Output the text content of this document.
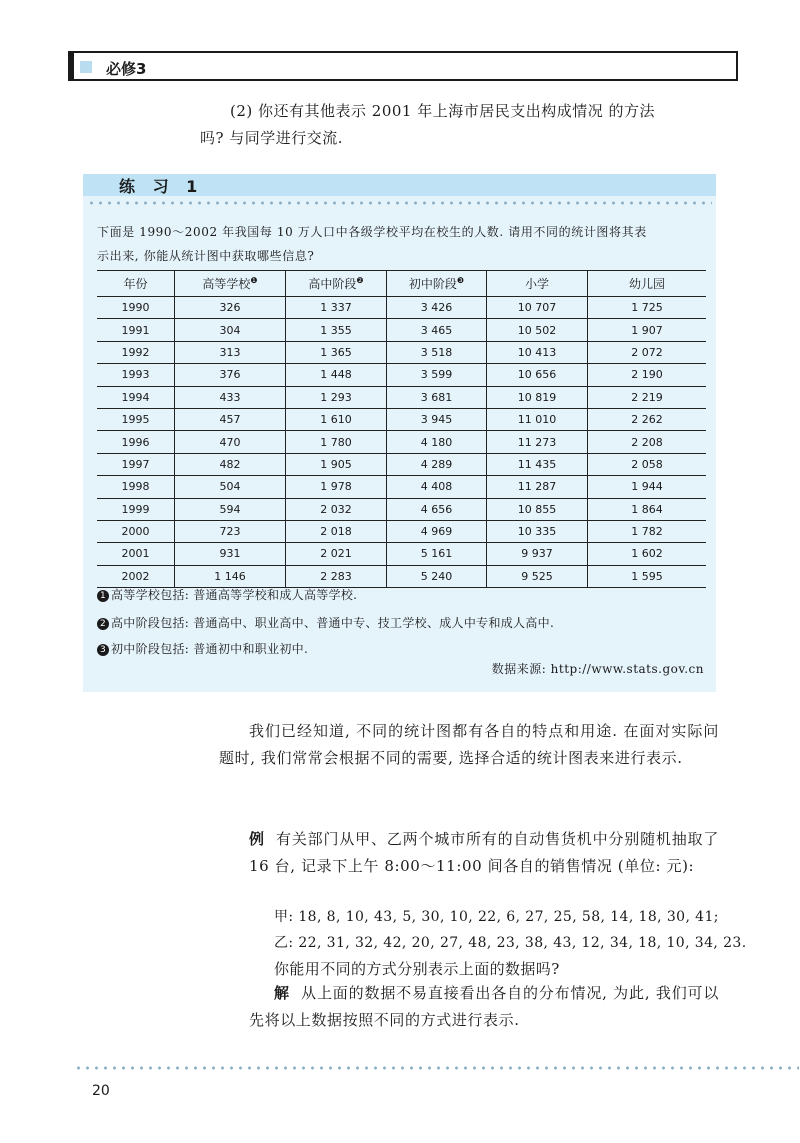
必修3
(2) 你还有其他表示 2001 年上海市居民支出构成情况 的方法
吗? 与同学进行交流.
练 习 1
下面是 1990～2002 年我国每 10 万人口中各级学校平均在校生的人数. 请用不同的统计图将其表
示出来, 你能从统计图中获取哪些信息?
年份	高等学校$^❶$	高中阶段$^❷$	初中阶段$^❸$	小学	幼儿园
1990	326	1 337	3 426	10 707	1 725
1991	304	1 355	3 465	10 502	1 907
1992	313	1 365	3 518	10 413	2 072
1993	376	1 448	3 599	10 656	2 190
1994	433	1 293	3 681	10 819	2 219
1995	457	1 610	3 945	11 010	2 262
1996	470	1 780	4 180	11 273	2 208
1997	482	1 905	4 289	11 435	2 058
1998	504	1 978	4 408	11 287	1 944
1999	594	2 032	4 656	10 855	1 864
2000	723	2 018	4 969	10 335	1 782
2001	931	2 021	5 161	9 937	1 602
2002	1 146	2 283	5 240	9 525	1 595
1 高等学校包括: 普通高等学校和成人高等学校.
2 高中阶段包括: 普通高中、职业高中、普通中专、技工学校、成人中专和成人高中.
3 初中阶段包括: 普通初中和职业初中.
数据来源: http://www.stats.gov.cn
我们已经知道, 不同的统计图都有各自的特点和用途. 在面对实际问题时, 我们常常会根据不同的需要, 选择合适的统计图表来进行表示.
例 有关部门从甲、乙两个城市所有的自动售货机中分别随机抽取了 16 台, 记录下上午 8:00～11:00 间各自的销售情况 (单位: 元):
甲: 18, 8, 10, 43, 5, 30, 10, 22, 6, 27, 25, 58, 14, 18, 30, 41;
乙: 22, 31, 32, 42, 20, 27, 48, 23, 38, 43, 12, 34, 18, 10, 34, 23.
你能用不同的方式分别表示上面的数据吗?
解 从上面的数据不易直接看出各自的分布情况, 为此, 我们可以先将以上数据按照不同的方式进行表示.
20
